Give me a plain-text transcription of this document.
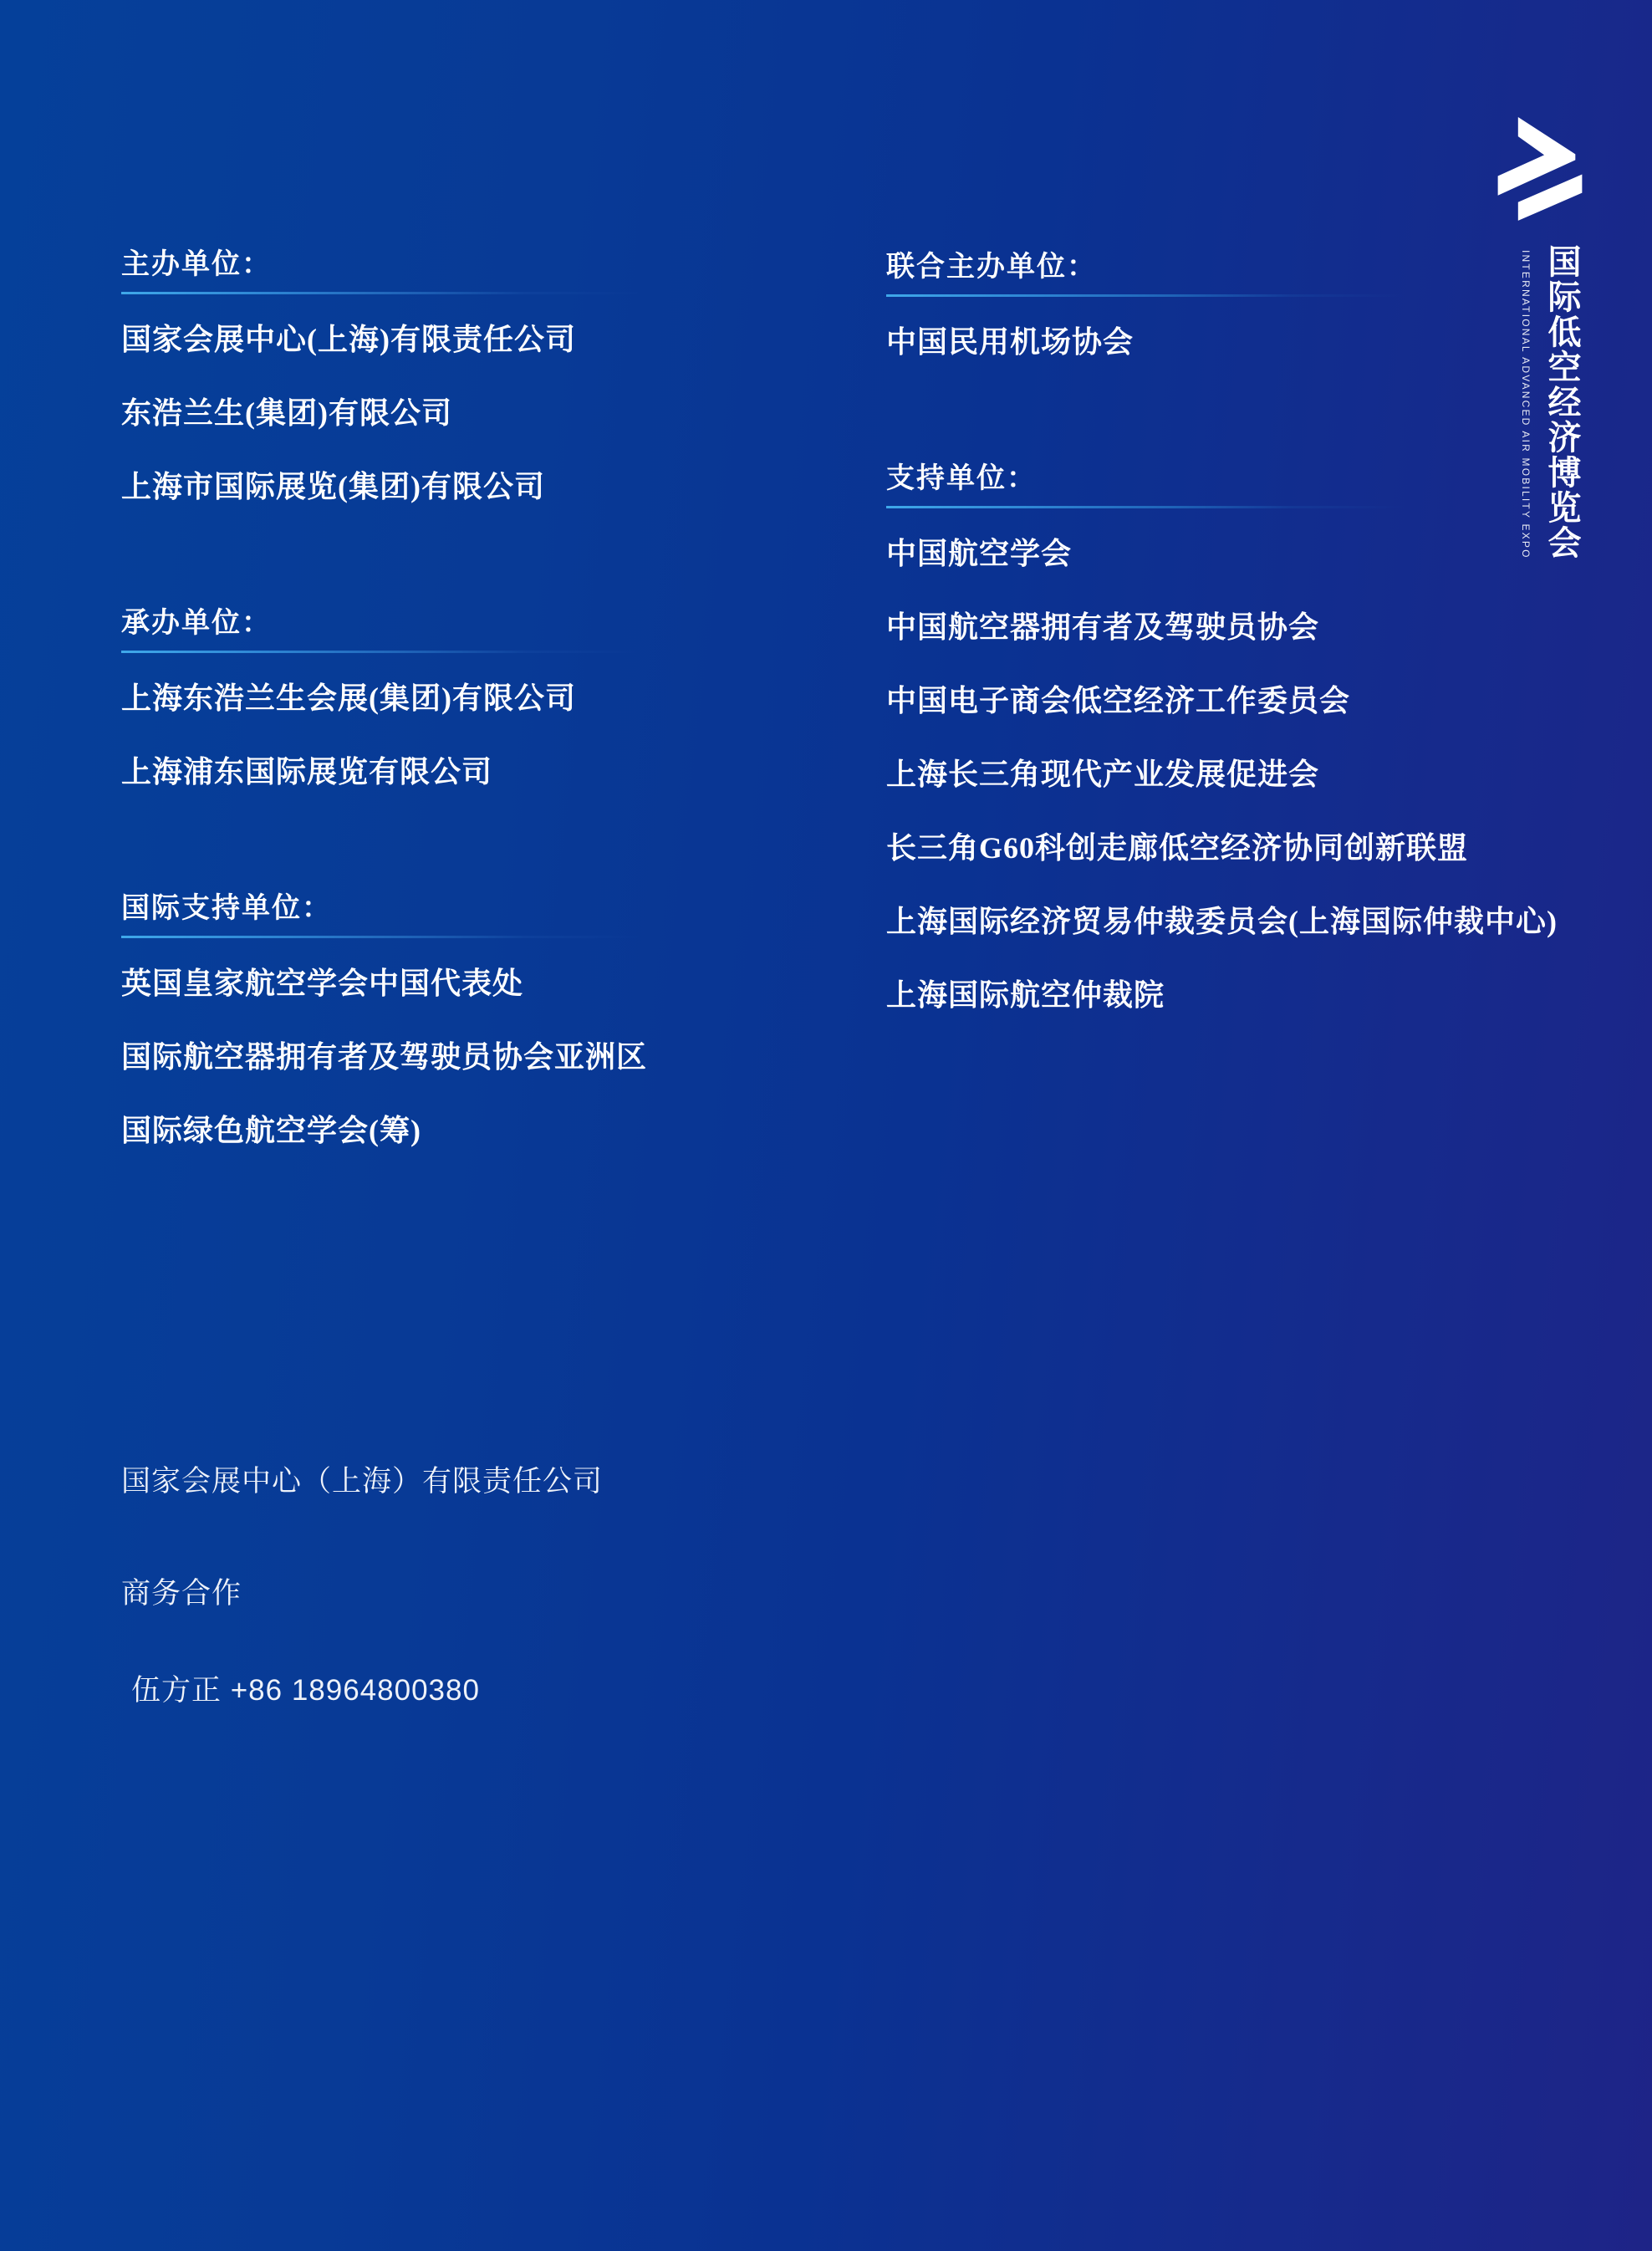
国际低空经济博览会
INTERNATIONAL ADVANCED AIR MOBILITY EXPO
主办单位：
国家会展中心(上海)有限责任公司
东浩兰生(集团)有限公司
上海市国际展览(集团)有限公司
承办单位：
上海东浩兰生会展(集团)有限公司
上海浦东国际展览有限公司
国际支持单位：
英国皇家航空学会中国代表处
国际航空器拥有者及驾驶员协会亚洲区
国际绿色航空学会(筹)
联合主办单位：
中国民用机场协会
支持单位：
中国航空学会
中国航空器拥有者及驾驶员协会
中国电子商会低空经济工作委员会
上海长三角现代产业发展促进会
长三角G60科创走廊低空经济协同创新联盟
上海国际经济贸易仲裁委员会(上海国际仲裁中心)
上海国际航空仲裁院
国家会展中心（上海）有限责任公司
商务合作
伍方正 +86 18964800380
